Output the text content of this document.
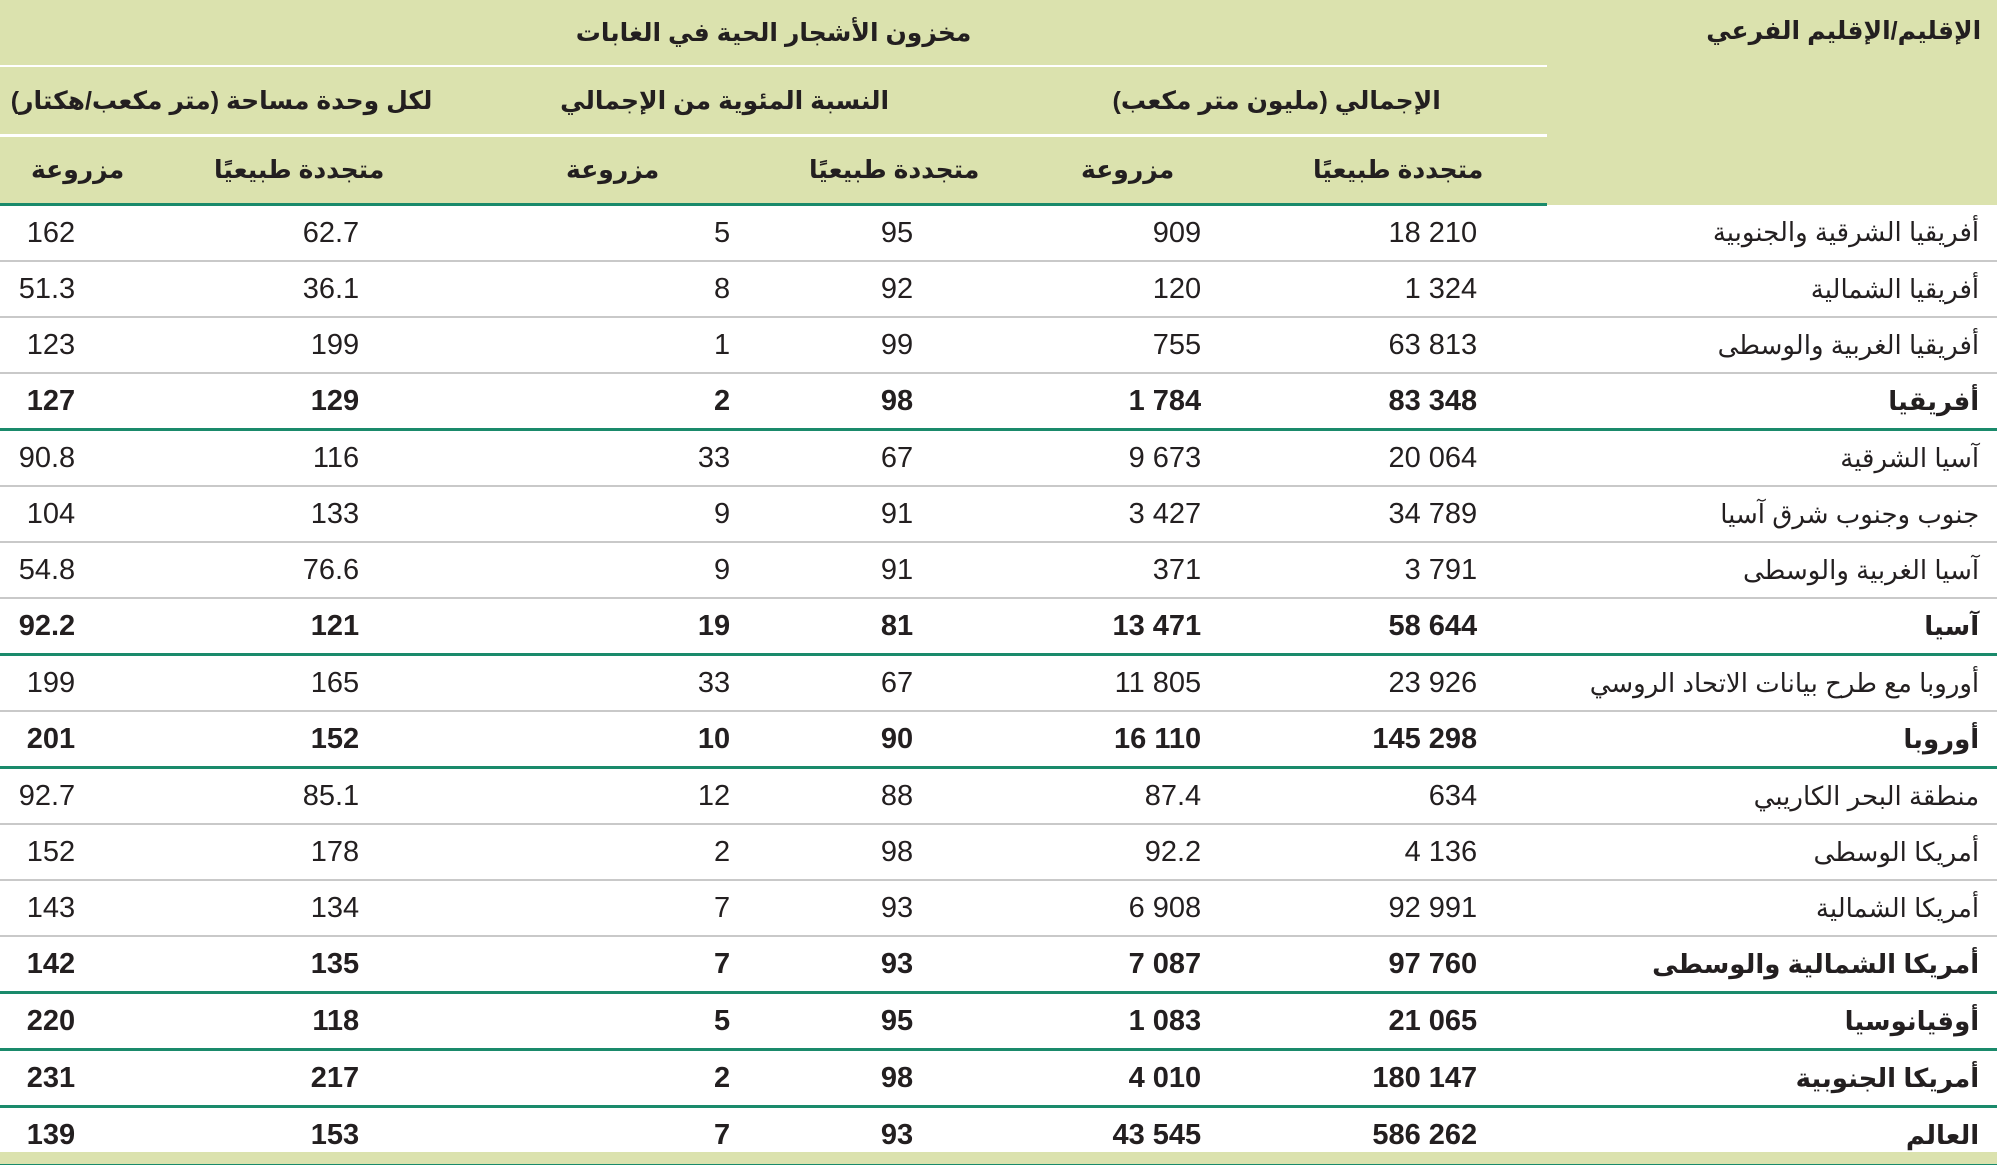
الإقليم/الإقليم الفرعي	مخزون الأشجار الحية في الغابات					
	الإجمالي (مليون متر مكعب)		النسبة المئوية من الإجمالي		لكل وحدة مساحة (متر مكعب/هكتار)	
	متجددة طبيعيًا	مزروعة	متجددة طبيعيًا	مزروعة	متجددة طبيعيًا	مزروعة
أفريقيا الشرقية والجنوبية	18 210	909	95	5	62.7	162
أفريقيا الشمالية	1 324	120	92	8	36.1	51.3
أفريقيا الغربية والوسطى	63 813	755	99	1	199	123
أفريقيا	83 348	1 784	98	2	129	127
آسيا الشرقية	20 064	9 673	67	33	116	90.8
جنوب وجنوب شرق آسيا	34 789	3 427	91	9	133	104
آسيا الغربية والوسطى	3 791	371	91	9	76.6	54.8
آسيا	58 644	13 471	81	19	121	92.2
أوروبا مع طرح بيانات الاتحاد الروسي	23 926	11 805	67	33	165	199
أوروبا	145 298	16 110	90	10	152	201
منطقة البحر الكاريبي	634	87.4	88	12	85.1	92.7
أمريكا الوسطى	4 136	92.2	98	2	178	152
أمريكا الشمالية	92 991	6 908	93	7	134	143
أمريكا الشمالية والوسطى	97 760	7 087	93	7	135	142
أوقيانوسيا	21 065	1 083	95	5	118	220
أمريكا الجنوبية	180 147	4 010	98	2	217	231
العالم	586 262	43 545	93	7	153	139
